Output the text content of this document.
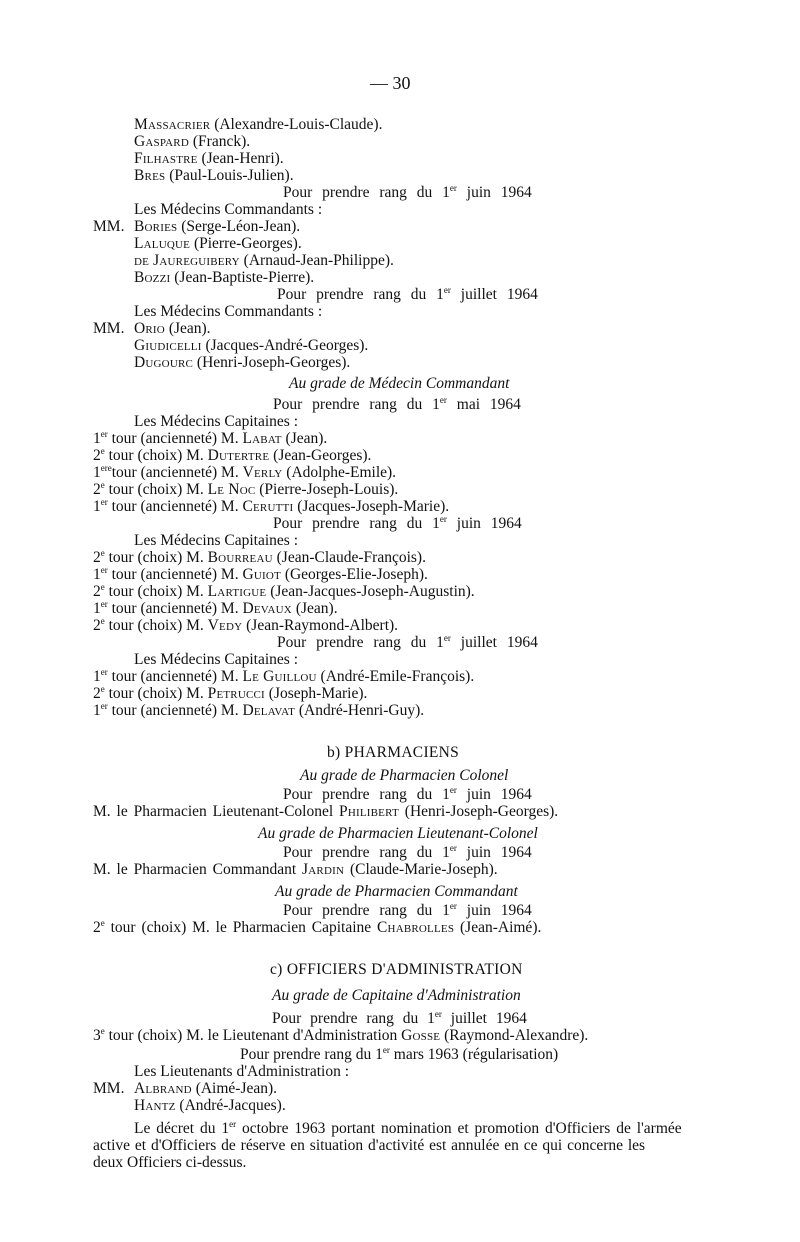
— 30
Massacrier (Alexandre-Louis-Claude).
Gaspard (Franck).
Filhastre (Jean-Henri).
Bres (Paul-Louis-Julien).
Pour prendre rang du 1er juin 1964
Les Médecins Commandants :
MM. Bories (Serge-Léon-Jean).
Laluque (Pierre-Georges).
de Jaureguibery (Arnaud-Jean-Philippe).
Bozzi (Jean-Baptiste-Pierre).
Pour prendre rang du 1er juillet 1964
Les Médecins Commandants :
MM. Orio (Jean).
Giudicelli (Jacques-André-Georges).
Dugourc (Henri-Joseph-Georges).
Au grade de Médecin Commandant
Pour prendre rang du 1er mai 1964
Les Médecins Capitaines :
1er tour (ancienneté) M. Labat (Jean).
2e tour (choix) M. Dutertre (Jean-Georges).
1eretour (ancienneté) M. Verly (Adolphe-Emile).
2e tour (choix) M. Le Noc (Pierre-Joseph-Louis).
1er tour (ancienneté) M. Cerutti (Jacques-Joseph-Marie).
Pour prendre rang du 1er juin 1964
Les Médecins Capitaines :
2e tour (choix) M. Bourreau (Jean-Claude-François).
1er tour (ancienneté) M. Guiot (Georges-Elie-Joseph).
2e tour (choix) M. Lartigue (Jean-Jacques-Joseph-Augustin).
1er tour (ancienneté) M. Devaux (Jean).
2e tour (choix) M. Vedy (Jean-Raymond-Albert).
Pour prendre rang du 1er juillet 1964
Les Médecins Capitaines :
1er tour (ancienneté) M. Le Guillou (André-Emile-François).
2e tour (choix) M. Petrucci (Joseph-Marie).
1er tour (ancienneté) M. Delavat (André-Henri-Guy).
b) PHARMACIENS
Au grade de Pharmacien Colonel
Pour prendre rang du 1er juin 1964
M. le Pharmacien Lieutenant-Colonel Philibert (Henri-Joseph-Georges).
Au grade de Pharmacien Lieutenant-Colonel
Pour prendre rang du 1er juin 1964
M. le Pharmacien Commandant Jardin (Claude-Marie-Joseph).
Au grade de Pharmacien Commandant
Pour prendre rang du 1er juin 1964
2e tour (choix) M. le Pharmacien Capitaine Chabrolles (Jean-Aimé).
c) OFFICIERS D'ADMINISTRATION
Au grade de Capitaine d'Administration
Pour prendre rang du 1er juillet 1964
3e tour (choix) M. le Lieutenant d'Administration Gosse (Raymond-Alexandre).
Pour prendre rang du 1er mars 1963 (régularisation)
Les Lieutenants d'Administration :
MM. Albrand (Aimé-Jean).
Hantz (André-Jacques).
Le décret du 1er octobre 1963 portant nomination et promotion d'Officiers de l'armée
active et d'Officiers de réserve en situation d'activité est annulée en ce qui concerne les
deux Officiers ci-dessus.
